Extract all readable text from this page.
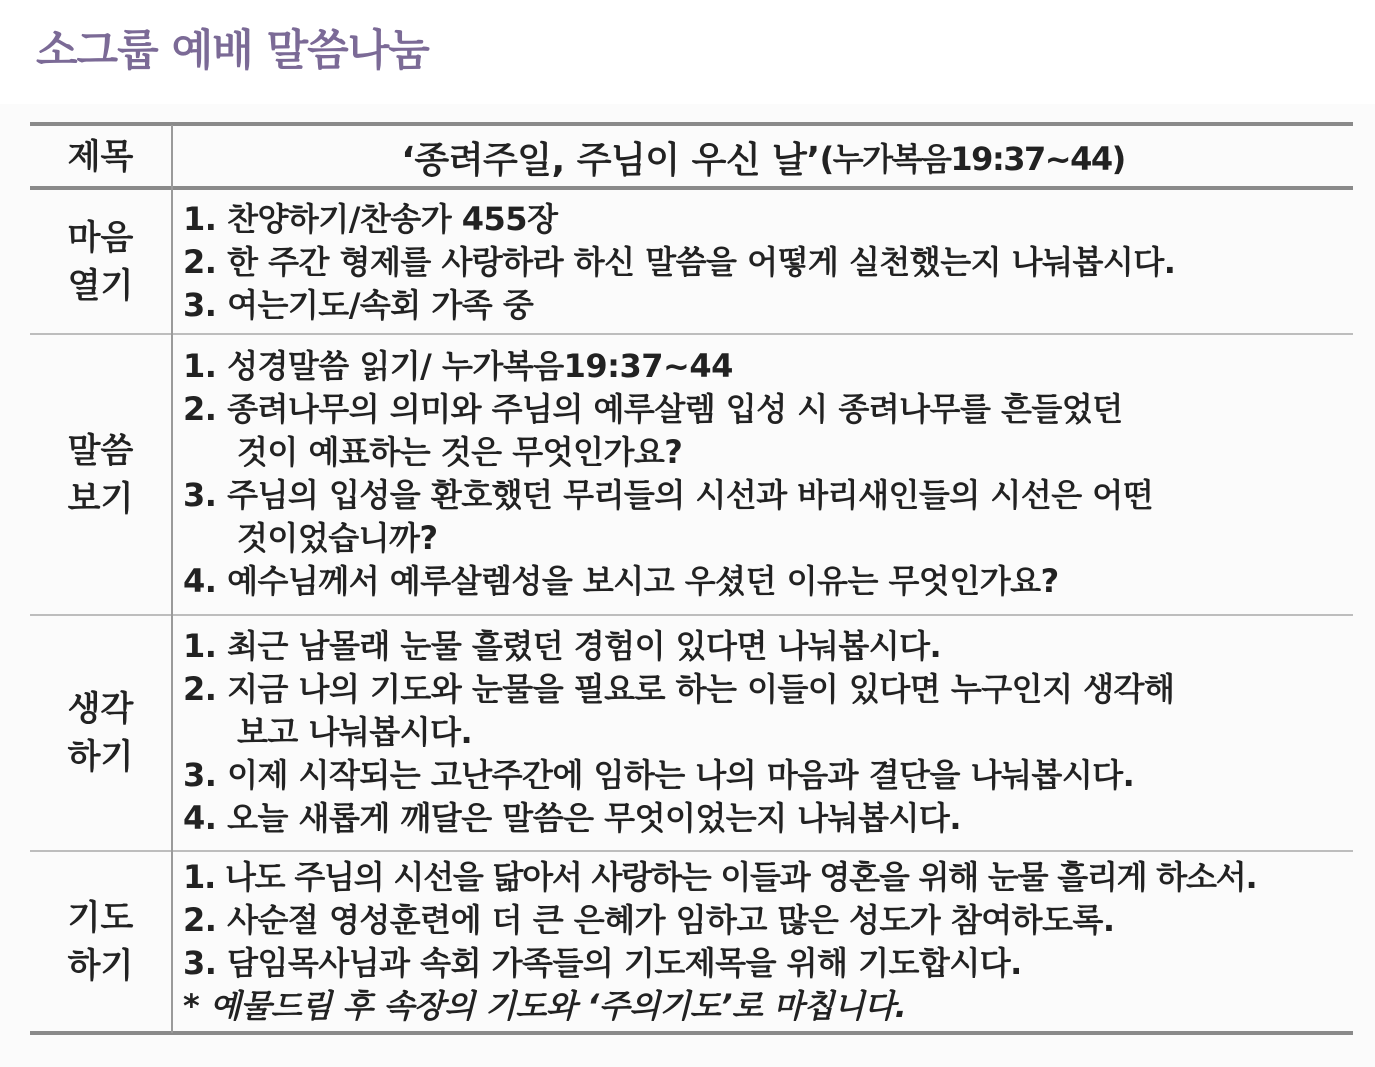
소그룹 예배 말씀나눔
제목	‘종려주일, 주님이 우신 날’ (누가복음19:37~44)
마음
열기
1. 찬양하기/찬송가 455장
2. 한 주간 형제를 사랑하라 하신 말씀을 어떻게 실천했는지 나눠봅시다.
3. 여는기도/속회 가족 중
말씀
보기
1. 성경말씀 읽기/ 누가복음19:37~44
2. 종려나무의 의미와 주님의 예루살렘 입성 시 종려나무를 흔들었던
것이 예표하는 것은 무엇인가요?
3. 주님의 입성을 환호했던 무리들의 시선과 바리새인들의 시선은 어떤
것이었습니까?
4. 예수님께서 예루살렘성을 보시고 우셨던 이유는 무엇인가요?
생각
하기
1. 최근 남몰래 눈물 흘렸던 경험이 있다면 나눠봅시다.
2. 지금 나의 기도와 눈물을 필요로 하는 이들이 있다면 누구인지 생각해
보고 나눠봅시다.
3. 이제 시작되는 고난주간에 임하는 나의 마음과 결단을 나눠봅시다.
4. 오늘 새롭게 깨달은 말씀은 무엇이었는지 나눠봅시다.
기도
하기
1. 나도 주님의 시선을 닮아서 사랑하는 이들과 영혼을 위해 눈물 흘리게 하소서.
2. 사순절 영성훈련에 더 큰 은혜가 임하고 많은 성도가 참여하도록.
3. 담임목사님과 속회 가족들의 기도제목을 위해 기도합시다.
* 예물드림 후 속장의 기도와 ‘주의기도’로 마칩니다.
